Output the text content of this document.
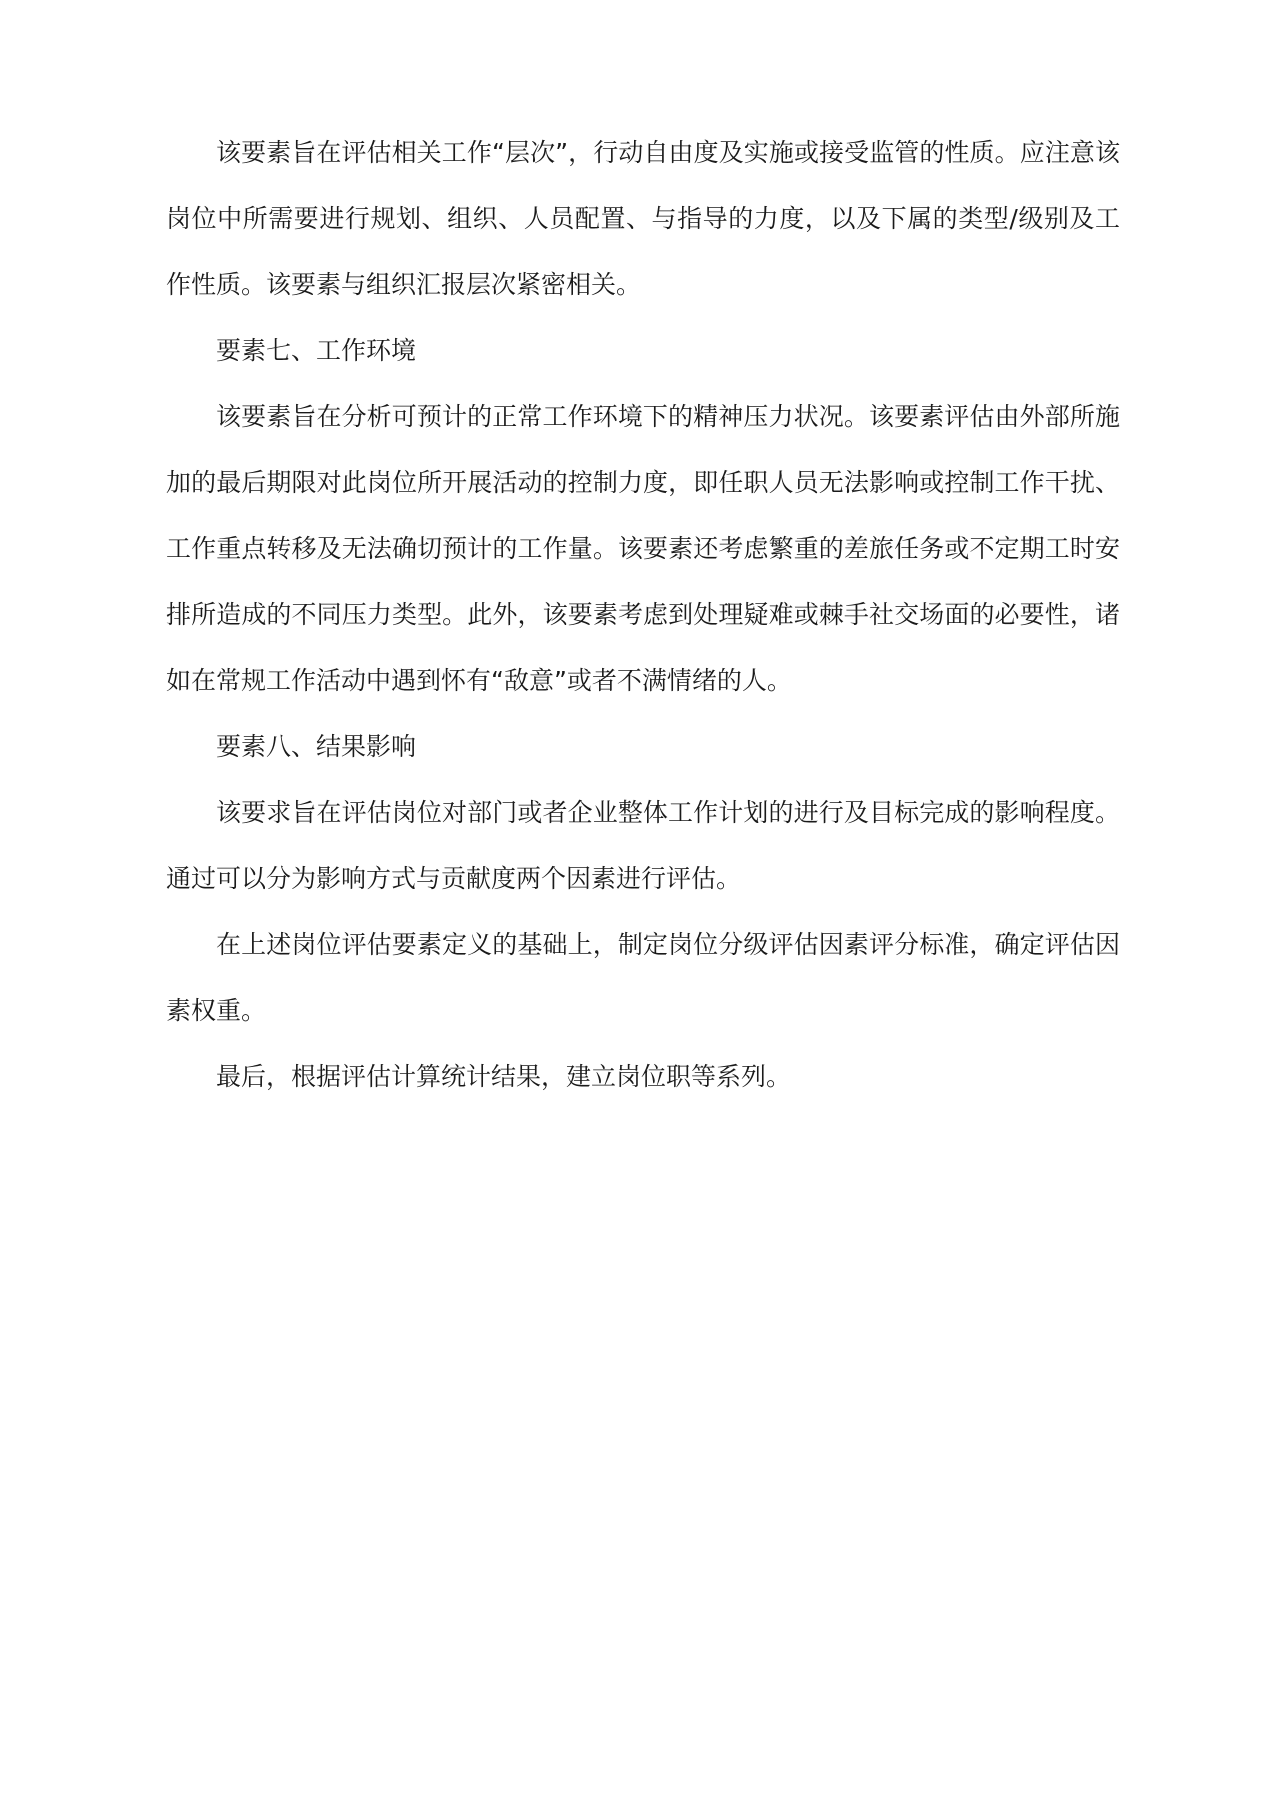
该要素旨在评估相关工作“层次”，行动自由度及实施或接受监管的性质。应注意该岗位中所需要进行规划、组织、人员配置、与指导的力度，以及下属的类型/级别及工作性质。该要素与组织汇报层次紧密相关。

要素七、工作环境

该要素旨在分析可预计的正常工作环境下的精神压力状况。该要素评估由外部所施加的最后期限对此岗位所开展活动的控制力度，即任职人员无法影响或控制工作干扰、工作重点转移及无法确切预计的工作量。该要素还考虑繁重的差旅任务或不定期工时安排所造成的不同压力类型。此外，该要素考虑到处理疑难或棘手社交场面的必要性，诸如在常规工作活动中遇到怀有“敌意”或者不满情绪的人。

要素八、结果影响

该要求旨在评估岗位对部门或者企业整体工作计划的进行及目标完成的影响程度。通过可以分为影响方式与贡献度两个因素进行评估。

在上述岗位评估要素定义的基础上，制定岗位分级评估因素评分标准，确定评估因素权重。

最后，根据评估计算统计结果，建立岗位职等系列。
